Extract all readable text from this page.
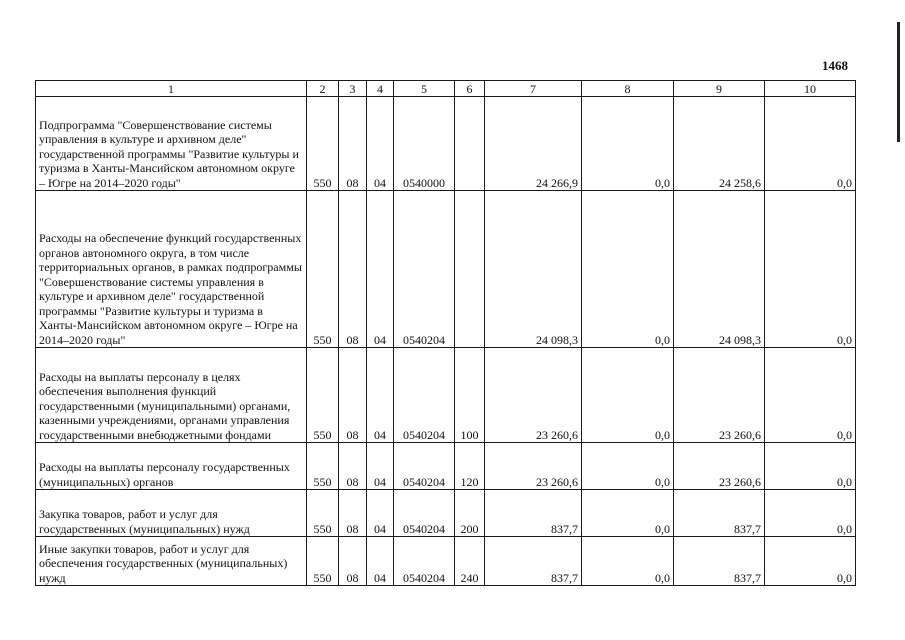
1468
1	2	3	4	5	6	7	8	9	10

Подпрограмма "Совершенствование системы управления в культуре и архивном деле" государственной программы "Развитие культуры и туризма в Ханты-Мансийском автономном округе – Югре на 2014–2020 годы"	550	08	04	0540000		24 266,9	0,0	24 258,6	0,0

Расходы на обеспечение функций государственных органов автономного округа, в том числе территориальных органов, в рамках подпрограммы "Совершенствование системы управления в культуре и архивном деле" государственной программы "Развитие культуры и туризма в Ханты-Мансийском автономном округе – Югре на 2014–2020 годы"	550	08	04	0540204		24 098,3	0,0	24 098,3	0,0

Расходы на выплаты персоналу в целях обеспечения выполнения функций государственными (муниципальными) органами, казенными учреждениями, органами управления государственными внебюджетными фондами	550	08	04	0540204	100	23 260,6	0,0	23 260,6	0,0

Расходы на выплаты персоналу государственных (муниципальных) органов	550	08	04	0540204	120	23 260,6	0,0	23 260,6	0,0

Закупка товаров, работ и услуг для государственных (муниципальных) нужд	550	08	04	0540204	200	837,7	0,0	837,7	0,0

Иные закупки товаров, работ и услуг для обеспечения государственных (муниципальных) нужд	550	08	04	0540204	240	837,7	0,0	837,7	0,0
